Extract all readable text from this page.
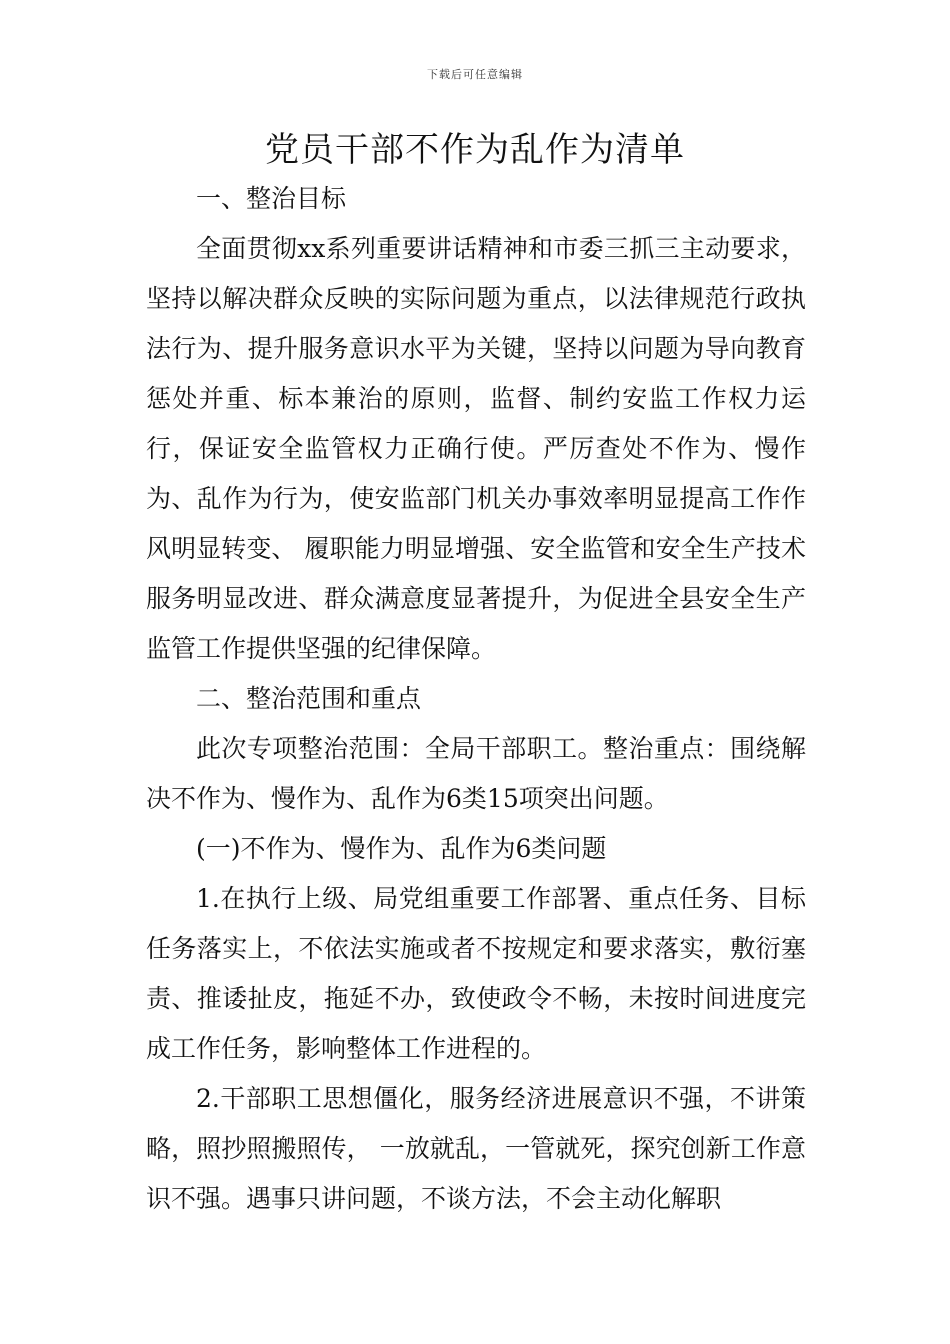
下载后可任意编辑
党员干部不作为乱作为清单

一、整治目标

全面贯彻xx系列重要讲话精神和市委三抓三主动要求，坚持以解决群众反映的实际问题为重点，以法律规范行政执法行为、提升服务意识水平为关键，坚持以问题为导向教育惩处并重、标本兼治的原则，监督、制约安监工作权力运行，保证安全监管权力正确行使。严厉查处不作为、慢作为、乱作为行为，使安监部门机关办事效率明显提高工作作风明显转变、 履职能力明显增强、安全监管和安全生产技术服务明显改进、群众满意度显著提升，为促进全县安全生产监管工作提供坚强的纪律保障。

二、整治范围和重点

此次专项整治范围：全局干部职工。整治重点：围绕解决不作为、慢作为、乱作为6类15项突出问题。

(一)不作为、慢作为、乱作为6类问题

1.在执行上级、局党组重要工作部署、重点任务、目标任务落实上，不依法实施或者不按规定和要求落实，敷衍塞责、推诿扯皮，拖延不办，致使政令不畅，未按时间进度完成工作任务，影响整体工作进程的。

2.干部职工思想僵化，服务经济进展意识不强，不讲策略，照抄照搬照传， 一放就乱，一管就死，探究创新工作意识不强。遇事只讲问题，不谈方法，不会主动化解职
